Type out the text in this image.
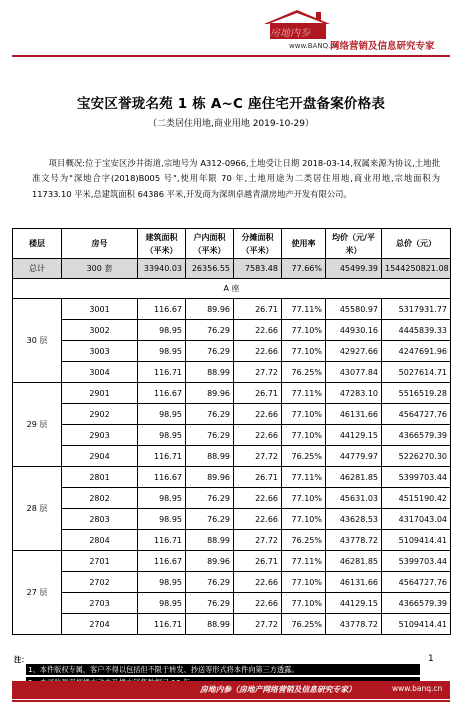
房地内参
www.BANQ.cn
网络营销及信息研究专家
宝安区誉珑名苑 1 栋 A~C 座住宅开盘备案价格表
（二类居住用地,商业用地 2019-10-29）

项目概况:位于宝安区沙井街道,宗地号为 A312-0966,土地受让日期 2018-03-14,权属来源为协议,土地批准文号为"深地合字(2018)B005 号",使用年限 70 年,土地用途为二类居住用地,商业用地,宗地面积为 11733.10 平米,总建筑面积 64386 平米,开发商为深圳卓越青湖房地产开发有限公司。

楼层	房号	建筑面积（平米）	户内面积（平米）	分摊面积（平米）	使用率	均价（元/平米）	总价（元）
总计	300 套	33940.03	26356.55	7583.48	77.66%	45499.39	1544250821.08
A 座							
30 层	3001	116.67	89.96	26.71	77.11%	45580.97	5317931.77
	3002	98.95	76.29	22.66	77.10%	44930.16	4445839.33
	3003	98.95	76.29	22.66	77.10%	42927.66	4247691.96
	3004	116.71	88.99	27.72	76.25%	43077.84	5027614.71
29 层	2901	116.67	89.96	26.71	77.11%	47283.10	5516519.28
	2902	98.95	76.29	22.66	77.10%	46131.66	4564727.76
	2903	98.95	76.29	22.66	77.10%	44129.15	4366579.39
	2904	116.71	88.99	27.72	76.25%	44779.97	5226270.30
28 层	2801	116.67	89.96	26.71	77.11%	46281.85	5399703.44
	2802	98.95	76.29	22.66	77.10%	45631.03	4515190.42
	2803	98.95	76.29	22.66	77.10%	43628.53	4317043.04
	2804	116.71	88.99	27.72	76.25%	43778.72	5109414.41
27 层	2701	116.67	89.96	26.71	77.11%	46281.85	5399703.44
	2702	98.95	76.29	22.66	77.10%	46131.66	4564727.76
	2703	98.95	76.29	22.66	77.10%	44129.15	4366579.39
	2704	116.71	88.99	27.72	76.25%	43778.72	5109414.41
注：
1、本件版权专属，客户不得以包括但不限于转发、抄送等形式将本件向第三方透露。
1
房地内参（房地产网络营销及信息研究专家）	www.banq.cn
